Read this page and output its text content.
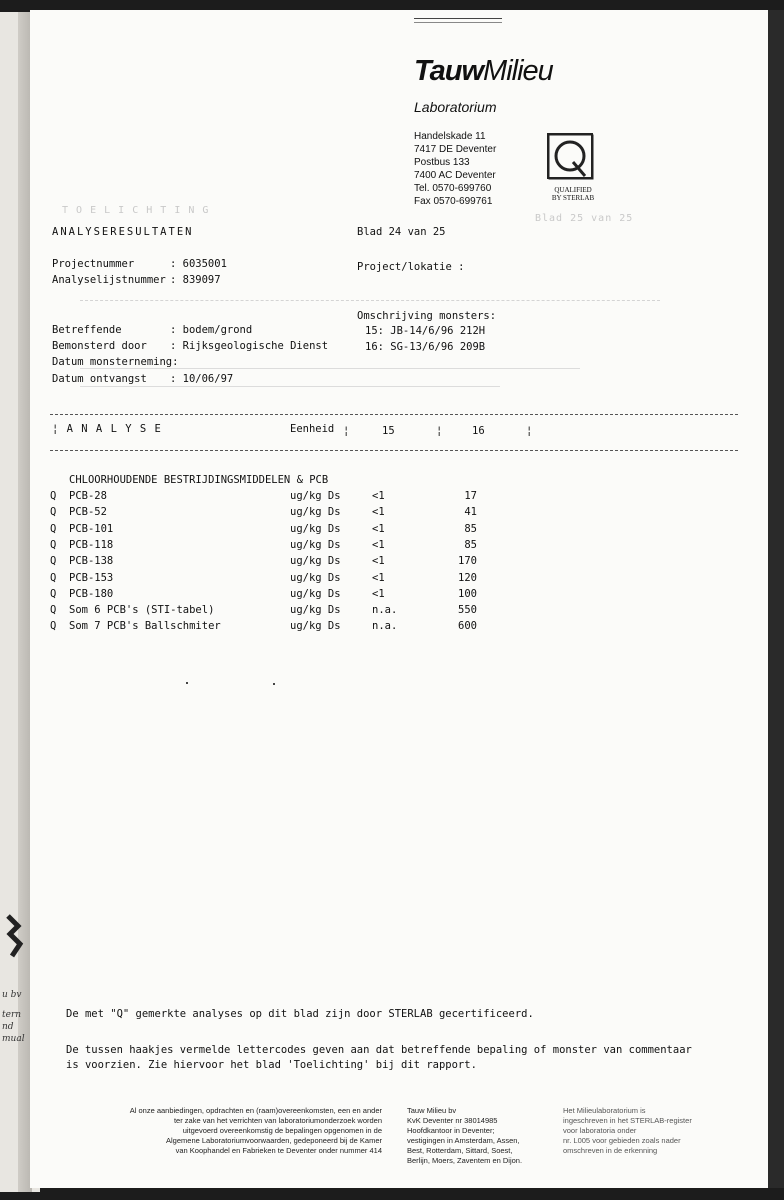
u bv
tern
nd
mual
T O E L I C H T I N G
Blad 25 van 25
TauwMilieu
Laboratorium
Handelskade 11
7417 DE Deventer
Postbus 133
7400 AC Deventer
Tel. 0570-699760
Fax 0570-699761
QUALIFIED
BY STERLAB
ANALYSERESULTATEN	Blad 24 van 25
Projectnummer	: 6035001
Analyselijstnummer : 839097
Project/lokatie :
Omschrijving monsters:
15: JB-14/6/96 212H
16: SG-13/6/96 209B
Betreffende	: bodem/grond
Bemonsterd door : Rijksgeologische Dienst
Datum monsterneming:
Datum ontvangst : 10/06/97
¦ A N A L Y S E	Eenheid ¦	15	¦	16	¦
CHLOORHOUDENDE BESTRIJDINGSMIDDELEN & PCB
Q PCB-28	ug/kg Ds	<1	17
Q PCB-52	ug/kg Ds	<1	41
Q PCB-101	ug/kg Ds	<1	85
Q PCB-118	ug/kg Ds	<1	85
Q PCB-138	ug/kg Ds	<1	170
Q PCB-153	ug/kg Ds	<1	120
Q PCB-180	ug/kg Ds	<1	100
Q Som 6 PCB's (STI-tabel)	ug/kg Ds	n.a.	550
Q Som 7 PCB's Ballschmiter	ug/kg Ds	n.a.	600
De met "Q" gemerkte analyses op dit blad zijn door STERLAB gecertificeerd.
De tussen haakjes vermelde lettercodes geven aan dat betreffende bepaling of monster van commentaar
is voorzien. Zie hiervoor het blad 'Toelichting' bij dit rapport.
Al onze aanbiedingen, opdrachten en (raam)overeenkomsten, een en ander
ter zake van het verrichten van laboratoriumonderzoek worden
uitgevoerd overeenkomstig de bepalingen opgenomen in de
Algemene Laboratoriumvoorwaarden, gedeponeerd bij de Kamer
van Koophandel en Fabrieken te Deventer onder nummer 414
Tauw Milieu bv
KvK Deventer nr 38014985
Hoofdkantoor in Deventer;
vestigingen in Amsterdam, Assen,
Best, Rotterdam, Sittard, Soest,
Berlijn, Moers, Zaventem en Dijon.
Het Milieulaboratorium is
ingeschreven in het STERLAB-register
voor laboratoria onder
nr. L005 voor gebieden zoals nader
omschreven in de erkenning
